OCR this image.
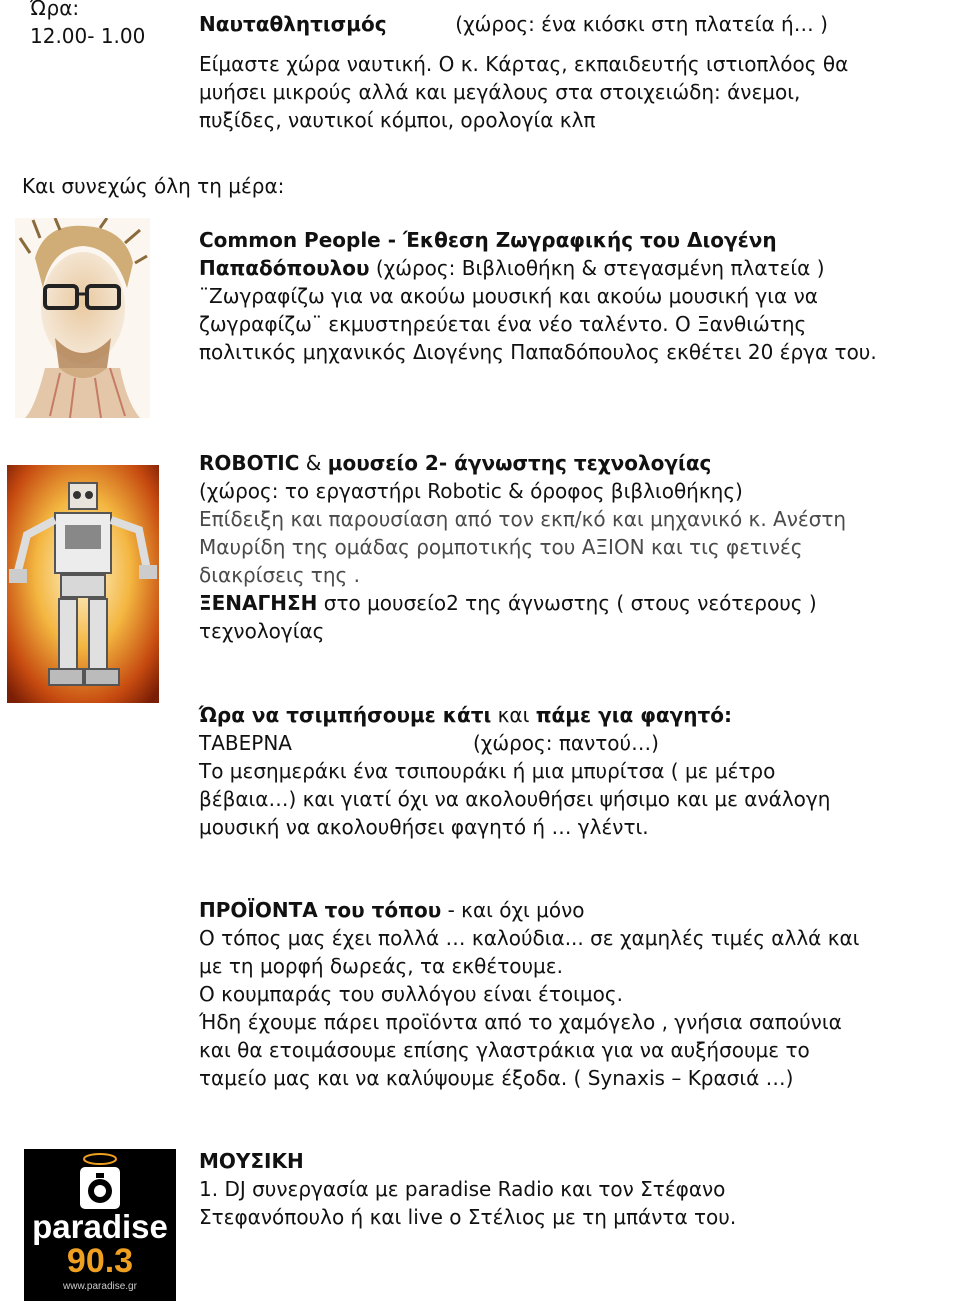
Ώρα:
12.00- 1.00	Ναυταθλητισμός	(χώρος: ένα κιόσκι στη πλατεία ή… )
Είμαστε χώρα ναυτική. Ο κ. Κάρτας, εκπαιδευτής ιστιοπλόος θα
μυήσει μικρούς αλλά και μεγάλους στα στοιχειώδη: άνεμοι,
πυξίδες, ναυτικοί κόμποι, ορολογία κλπ
Και συνεχώς όλη τη μέρα:
Common People - Έκθεση Ζωγραφικής του Διογένη
Παπαδόπουλου (χώρος: Βιβλιοθήκη & στεγασμένη πλατεία )
¨Ζωγραφίζω για να ακούω μουσική και ακούω μουσική για να
ζωγραφίζω¨ εκμυστηρεύεται ένα νέο ταλέντο. Ο Ξανθιώτης
πολιτικός μηχανικός Διογένης Παπαδόπουλος εκθέτει 20 έργα του.
ROBOTIC & μουσείο 2- άγνωστης τεχνολογίας
(χώρος: το εργαστήρι Robotic & όροφος βιβλιοθήκης)
Επίδειξη και παρουσίαση από τον εκπ/κό και μηχανικό κ. Ανέστη
Μαυρίδη της ομάδας ρομποτικής του ΑΞΙΟΝ και τις φετινές
διακρίσεις της .
ΞΕΝΑΓΗΣΗ στο μουσείο2 της άγνωστης ( στους νεότερους )
τεχνολογίας
Ώρα να τσιμπήσουμε κάτι και πάμε για φαγητό:
ΤΑΒΕΡΝΑ	(χώρος: παντού…)
Το μεσημεράκι ένα τσιπουράκι ή μια μπυρίτσα ( με μέτρο
βέβαια…) και γιατί όχι να ακολουθήσει ψήσιμο και με ανάλογη
μουσική να ακολουθήσει φαγητό ή … γλέντι.
ΠΡΟΪΟΝΤΑ του τόπου - και όχι μόνο
Ο τόπος μας έχει πολλά … καλούδια... σε χαμηλές τιμές αλλά και
με τη μορφή δωρεάς, τα εκθέτουμε.
Ο κουμπαράς του συλλόγου είναι έτοιμος.
Ήδη έχουμε πάρει προϊόντα από το χαμόγελο , γνήσια σαπούνια
και θα ετοιμάσουμε επίσης γλαστράκια για να αυξήσουμε το
ταμείο μας και να καλύψουμε έξοδα. ( Synaxis – Κρασιά …)
paradise
90.3
www.paradise.gr
ΜΟΥΣΙΚΗ
1. DJ συνεργασία με paradise Radio και τον Στέφανο
Στεφανόπουλο ή και live ο Στέλιος με τη μπάντα του.
